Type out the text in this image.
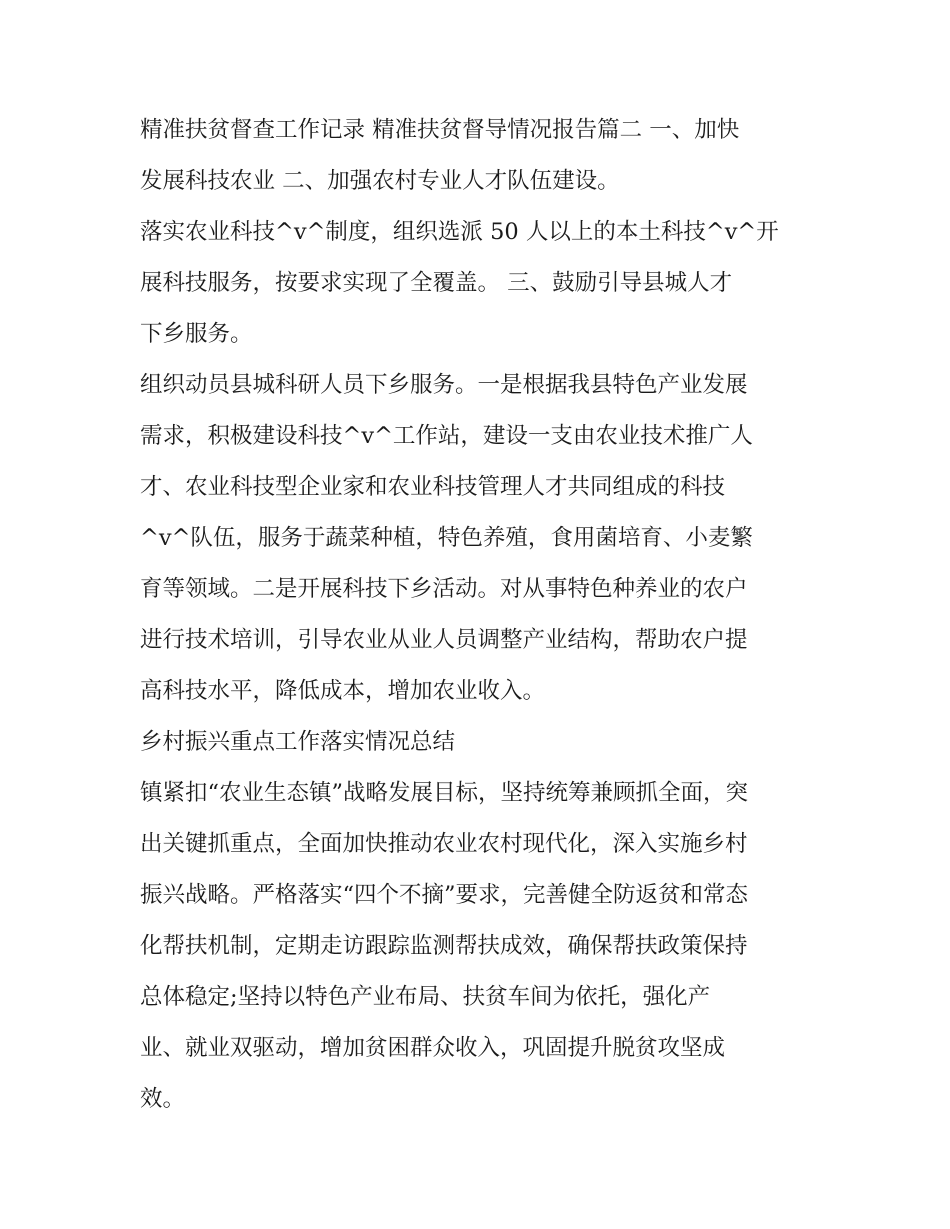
精准扶贫督查工作记录 精准扶贫督导情况报告篇二 一、加快
发展科技农业 二、加强农村专业人才队伍建设。
落实农业科技^v^制度，组织选派 50 人以上的本土科技^v^开
展科技服务，按要求实现了全覆盖。 三、鼓励引导县城人才
下乡服务。
组织动员县城科研人员下乡服务。一是根据我县特色产业发展
需求，积极建设科技^v^工作站，建设一支由农业技术推广人
才、农业科技型企业家和农业科技管理人才共同组成的科技
^v^队伍，服务于蔬菜种植，特色养殖，食用菌培育、小麦繁
育等领域。二是开展科技下乡活动。对从事特色种养业的农户
进行技术培训，引导农业从业人员调整产业结构，帮助农户提
高科技水平，降低成本，增加农业收入。
乡村振兴重点工作落实情况总结
镇紧扣“农业生态镇”战略发展目标，坚持统筹兼顾抓全面，突
出关键抓重点，全面加快推动农业农村现代化，深入实施乡村
振兴战略。严格落实“四个不摘”要求，完善健全防返贫和常态
化帮扶机制，定期走访跟踪监测帮扶成效，确保帮扶政策保持
总体稳定;坚持以特色产业布局、扶贫车间为依托，强化产
业、就业双驱动，增加贫困群众收入，巩固提升脱贫攻坚成
效。
